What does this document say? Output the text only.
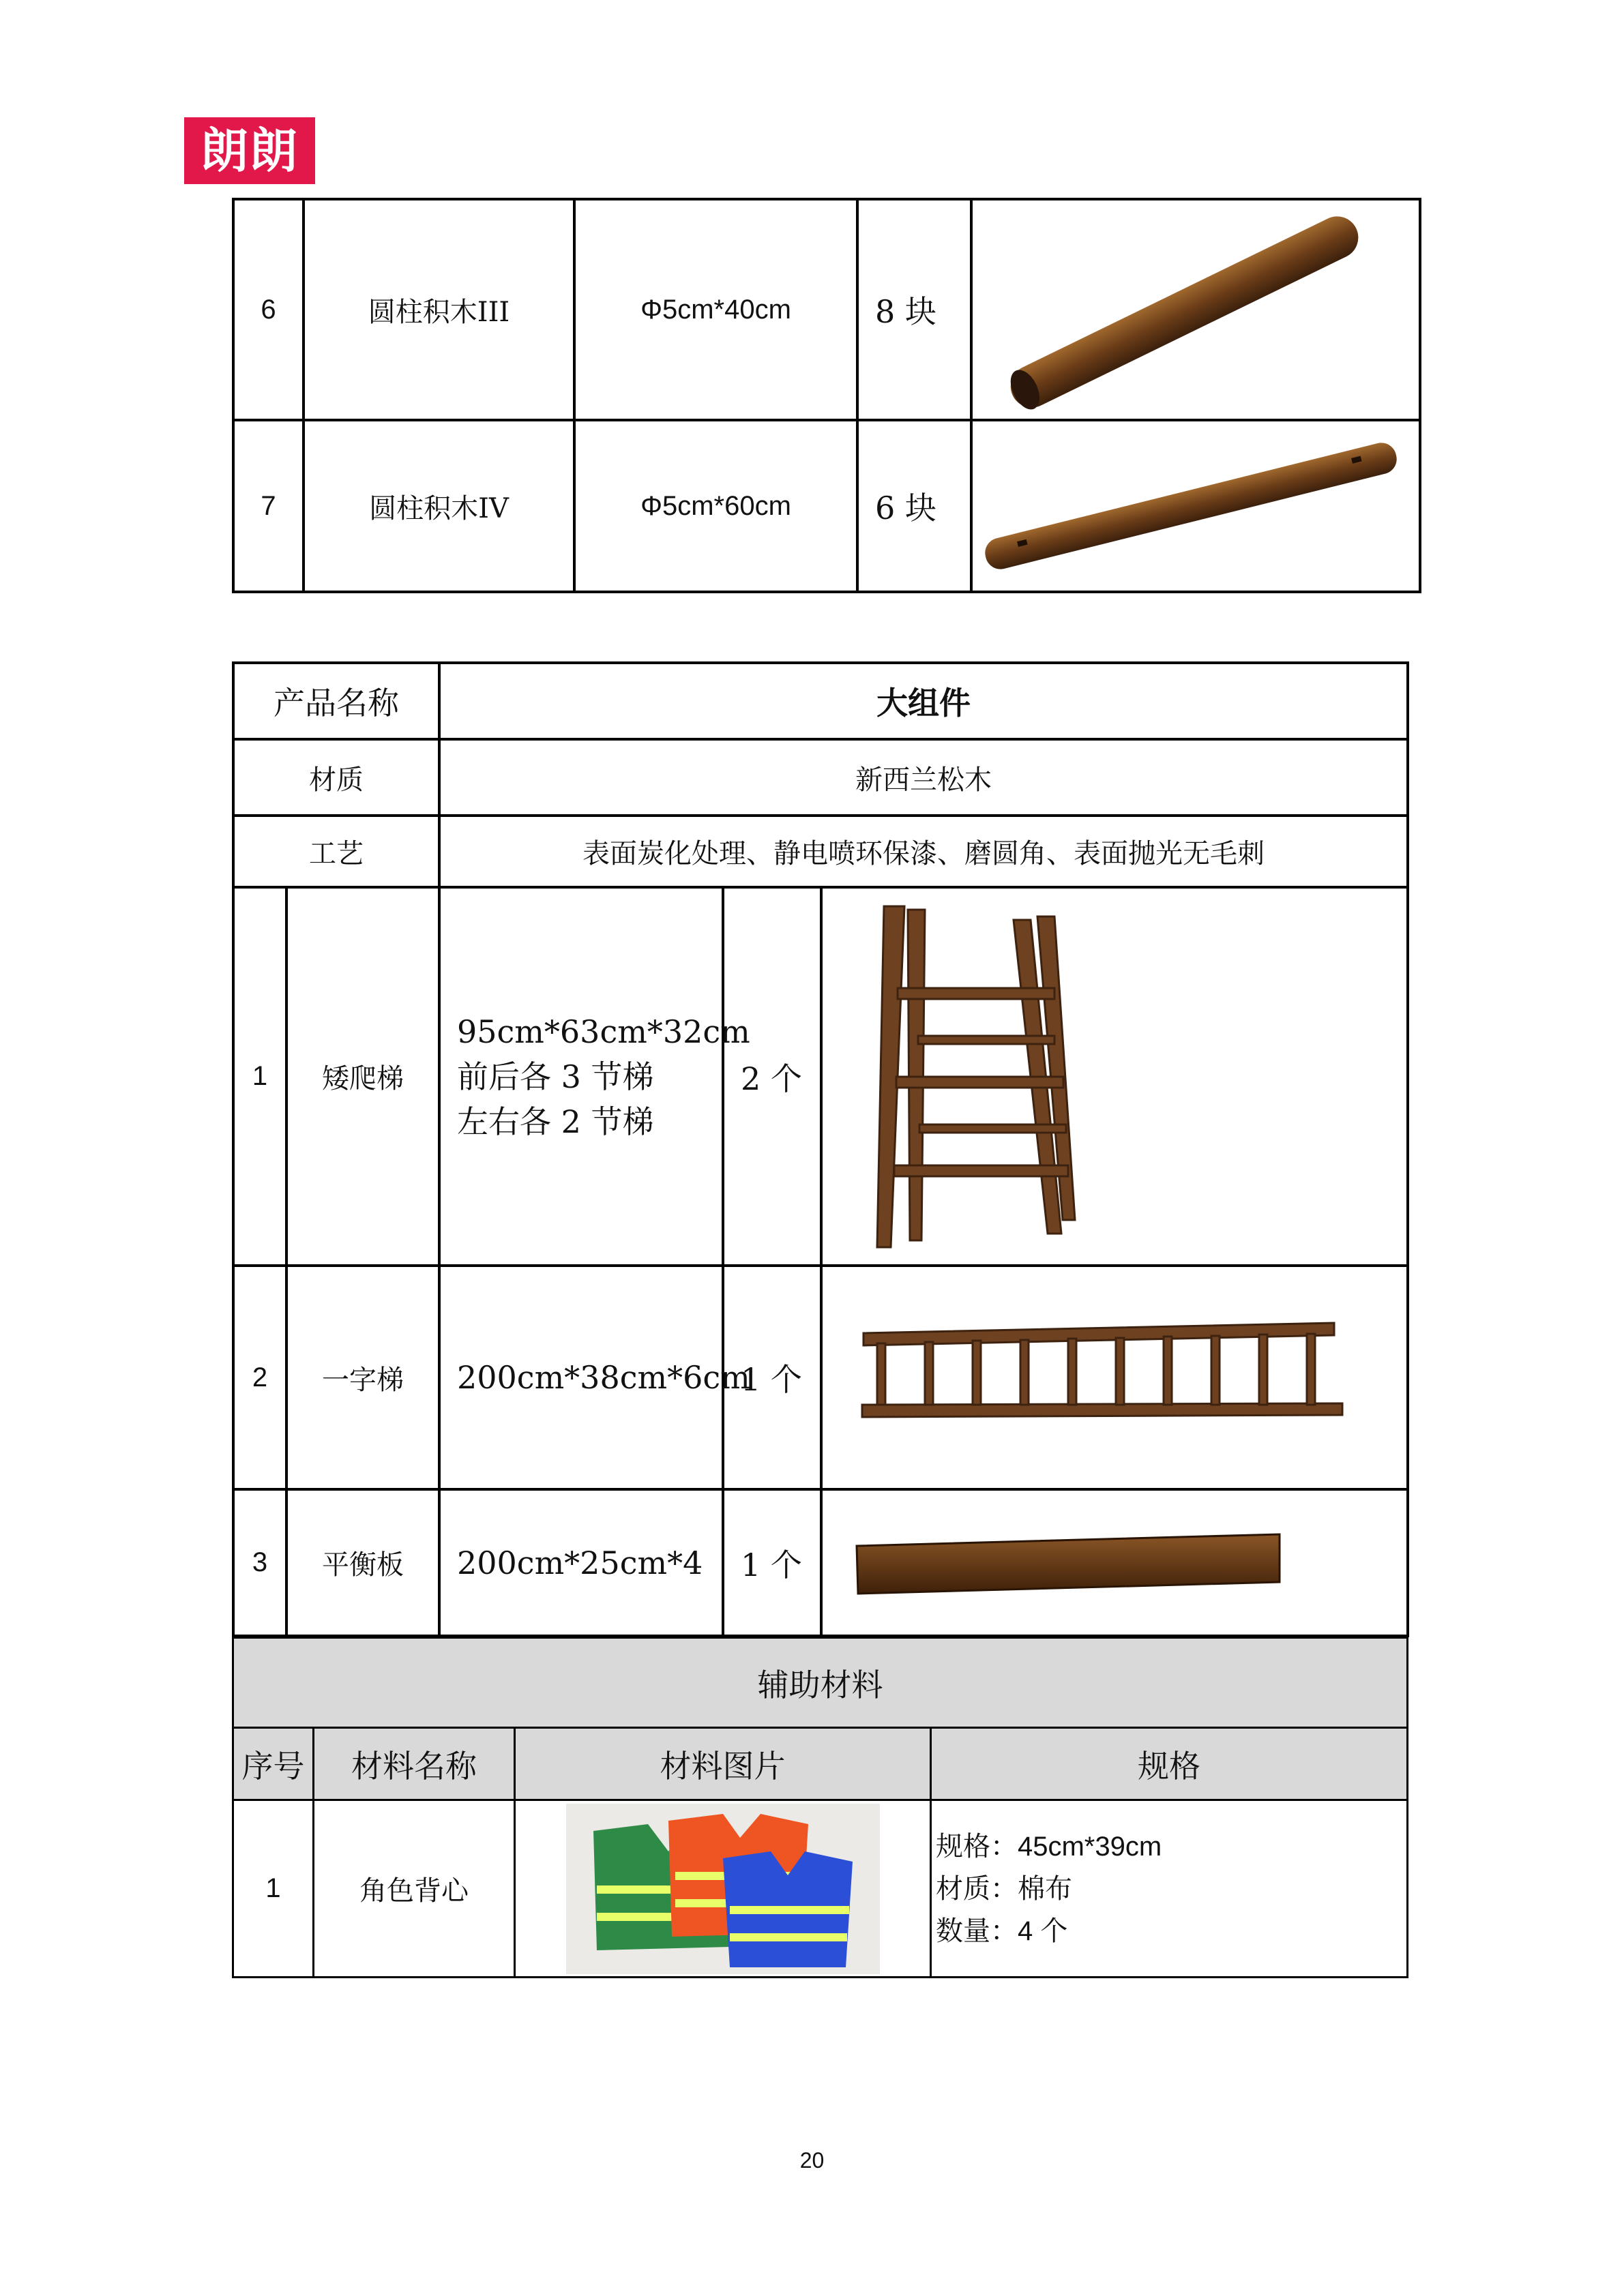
朗朗
6	圆柱积木III	Φ5cm*40cm	8 块	

7	圆柱积木IV	Φ5cm*60cm	6 块	
产品名称		大组件		
材质		新西兰松木		
工艺		表面炭化处理、静电喷环保漆、磨圆角、表面抛光无毛刺		
1	矮爬梯	95cm*63cm*32cm
前后各 3 节梯
左右各 2 节梯	2 个	

2	一字梯	200cm*38cm*6cm	1 个	

3	平衡板	200cm*25cm*4	1 个	
辅助材料			
序号	材料名称	材料图片	规格
1	角色背心		规格：45cm*39cm
材质：棉布
数量：4 个
20
